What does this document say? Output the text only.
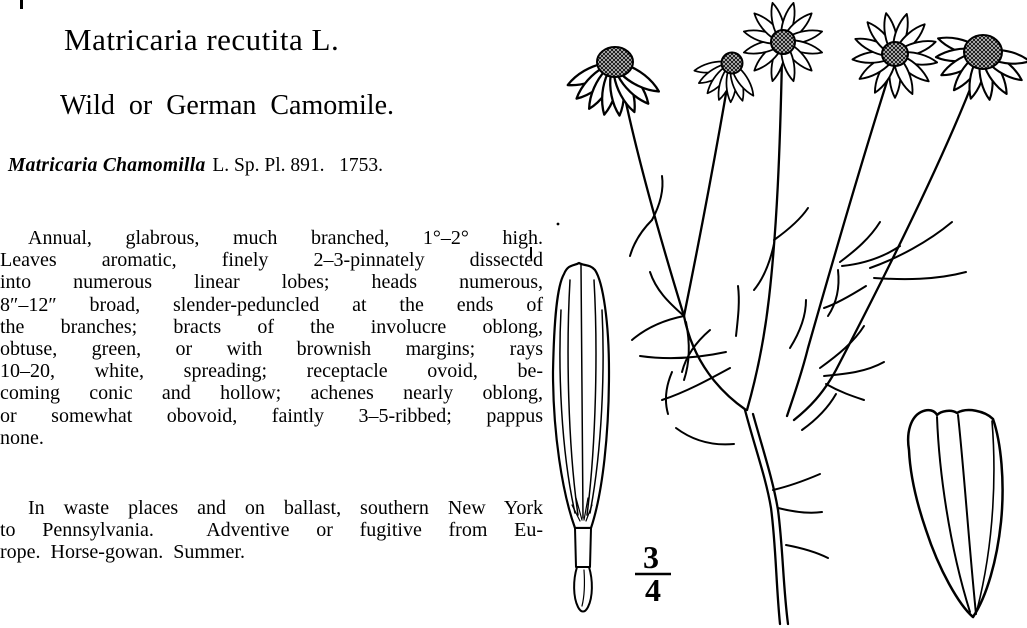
Matricaria recutita L.
Wild or German Camomile.
Matricaria Chamomilla L. Sp. Pl. 891.   1753.
Annual, glabrous, much branched, 1°–2° high.
Leaves aromatic, finely 2–3-pinnately dissected
into numerous linear lobes; heads numerous,
8″–12″ broad, slender-peduncled at the ends of
the branches; bracts of the involucre oblong,
obtuse, green, or with brownish margins; rays
10–20, white, spreading; receptacle ovoid, be-
coming conic and hollow; achenes nearly oblong,
or somewhat obovoid, faintly 3–5-ribbed; pappus
none.
In waste places and on ballast, southern New York
to Pennsylvania.  Adventive or fugitive from Eu-
rope.  Horse-gowan.  Summer.	3
4
